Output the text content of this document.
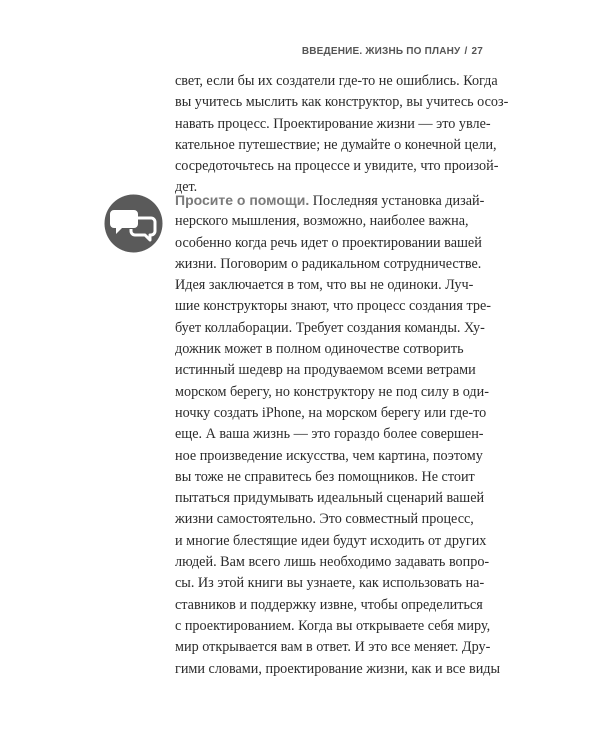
ВВЕДЕНИЕ. ЖИЗНЬ ПО ПЛАНУ / 27
свет, если бы их создатели где-то не ошиблись. Когда
вы учитесь мыслить как конструктор, вы учитесь осоз-
навать процесс. Проектирование жизни — это увле-
кательное путешествие; не думайте о конечной цели,
сосредоточьтесь на процессе и увидите, что произой-
дет.
Просите о помощи. Последняя установка дизай-
нерского мышления, возможно, наиболее важна,
особенно когда речь идет о проектировании вашей
жизни. Поговорим о радикальном сотрудничестве.
Идея заключается в том, что вы не одиноки. Луч-
шие конструкторы знают, что процесс создания тре-
бует коллаборации. Требует создания команды. Ху-
дожник может в полном одиночестве сотворить
истинный шедевр на продуваемом всеми ветрами
морском берегу, но конструктору не под силу в оди-
ночку создать iPhone, на морском берегу или где-то
еще. А ваша жизнь — это гораздо более совершен-
ное произведение искусства, чем картина, поэтому
вы тоже не справитесь без помощников. Не стоит
пытаться придумывать идеальный сценарий вашей
жизни самостоятельно. Это совместный процесс,
и многие блестящие идеи будут исходить от других
людей. Вам всего лишь необходимо задавать вопро-
сы. Из этой книги вы узнаете, как использовать на-
ставников и поддержку извне, чтобы определиться
с проектированием. Когда вы открываете себя миру,
мир открывается вам в ответ. И это все меняет. Дру-
гими словами, проектирование жизни, как и все виды
